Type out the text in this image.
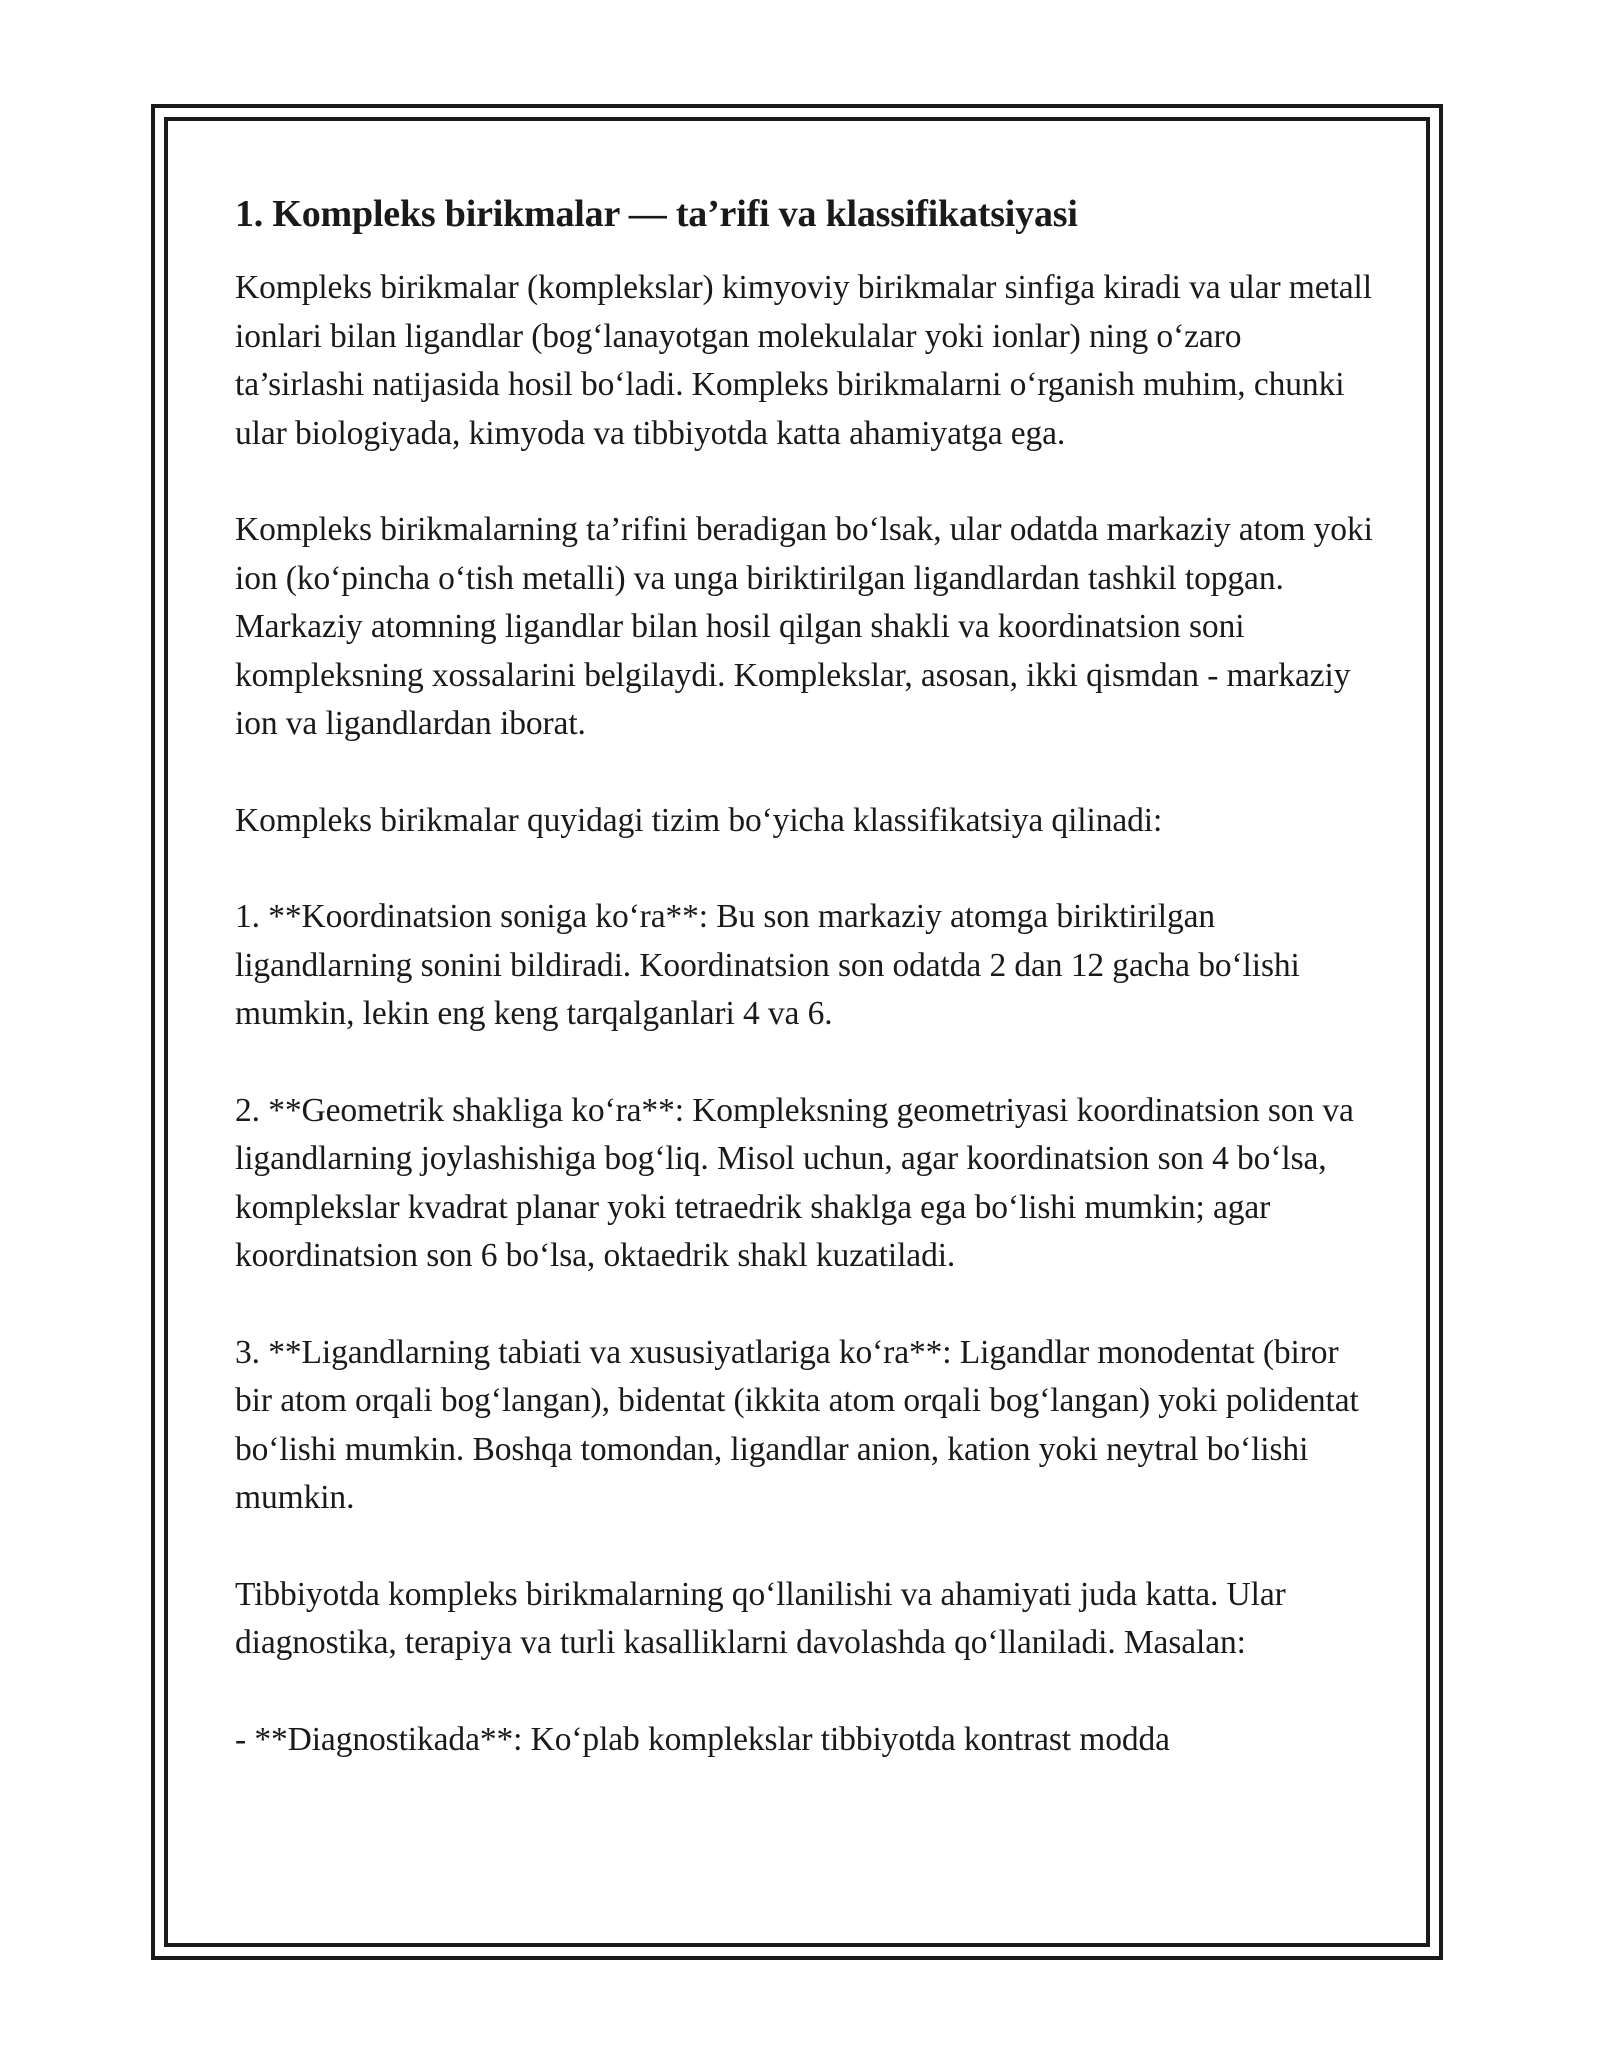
1. Kompleks birikmalar — ta’rifi va klassifikatsiyasi

Kompleks birikmalar (komplekslar) kimyoviy birikmalar sinfiga kiradi va ular metall ionlari bilan ligandlar (bog‘lanayotgan molekulalar yoki ionlar) ning o‘zaro ta’sirlashi natijasida hosil bo‘ladi. Kompleks birikmalarni o‘rganish muhim, chunki ular biologiyada, kimyoda va tibbiyotda katta ahamiyatga ega.

Kompleks birikmalarning ta’rifini beradigan bo‘lsak, ular odatda markaziy atom yoki ion (ko‘pincha o‘tish metalli) va unga biriktirilgan ligandlardan tashkil topgan. Markaziy atomning ligandlar bilan hosil qilgan shakli va koordinatsion soni kompleksning xossalarini belgilaydi. Komplekslar, asosan, ikki qismdan - markaziy ion va ligandlardan iborat.

Kompleks birikmalar quyidagi tizim bo‘yicha klassifikatsiya qilinadi:

1. **Koordinatsion soniga ko‘ra**: Bu son markaziy atomga biriktirilgan ligandlarning sonini bildiradi. Koordinatsion son odatda 2 dan 12 gacha bo‘lishi mumkin, lekin eng keng tarqalganlari 4 va 6.

2. **Geometrik shakliga ko‘ra**: Kompleksning geometriyasi koordinatsion son va ligandlarning joylashishiga bog‘liq. Misol uchun, agar koordinatsion son 4 bo‘lsa, komplekslar kvadrat planar yoki tetraedrik shaklga ega bo‘lishi mumkin; agar koordinatsion son 6 bo‘lsa, oktaedrik shakl kuzatiladi.

3. **Ligandlarning tabiati va xususiyatlariga ko‘ra**: Ligandlar monodentat (biror bir atom orqali bog‘langan), bidentat (ikkita atom orqali bog‘langan) yoki polidentat bo‘lishi mumkin. Boshqa tomondan, ligandlar anion, kation yoki neytral bo‘lishi mumkin.

Tibbiyotda kompleks birikmalarning qo‘llanilishi va ahamiyati juda katta. Ular diagnostika, terapiya va turli kasalliklarni davolashda qo‘llaniladi. Masalan:

- **Diagnostikada**: Ko‘plab komplekslar tibbiyotda kontrast modda
